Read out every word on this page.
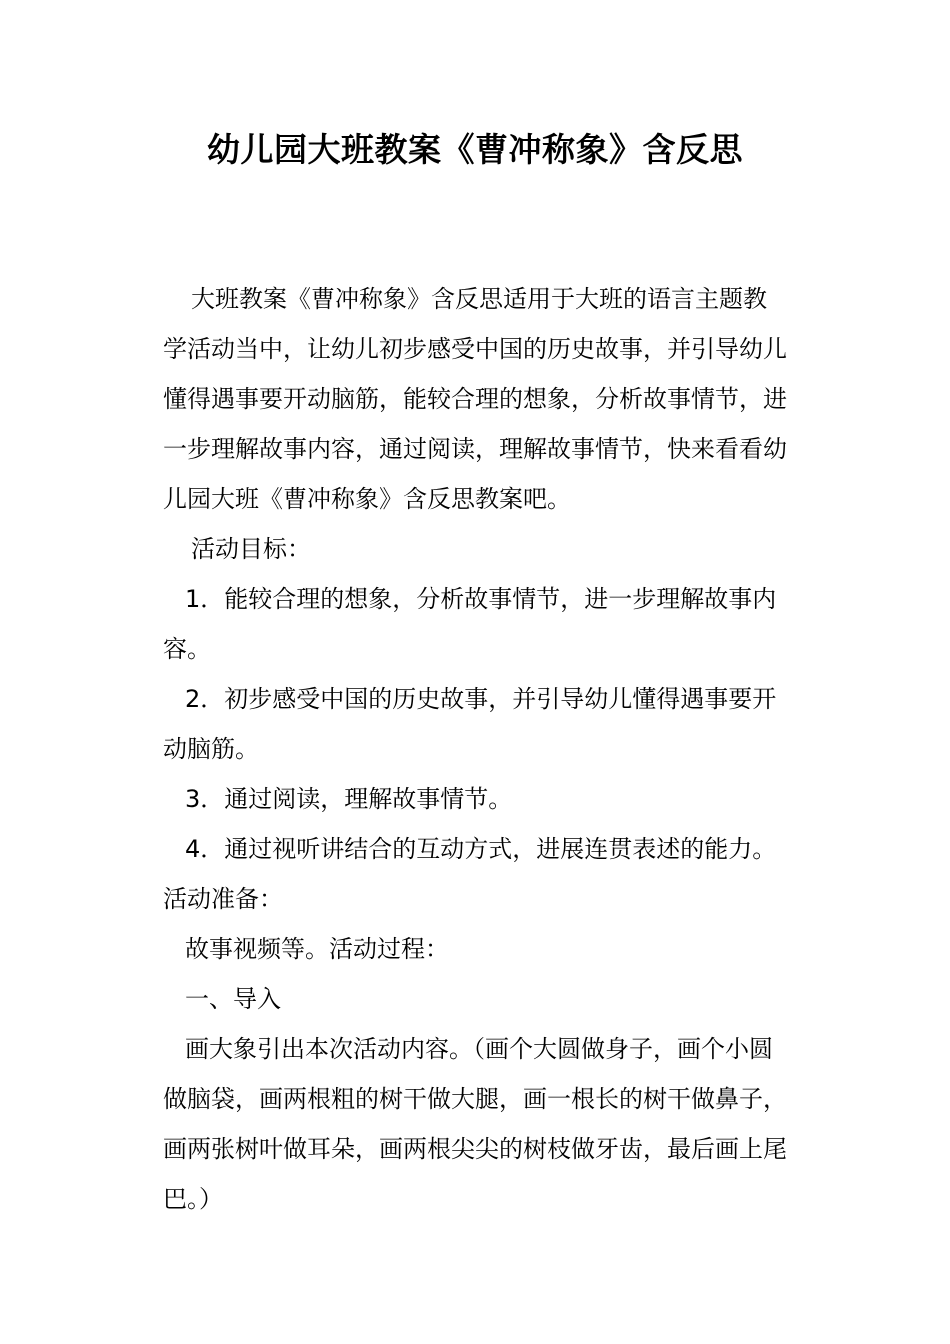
幼儿园大班教案《曹冲称象》含反思
大班教案《曹冲称象》含反思适用于大班的语言主题教
学活动当中，让幼儿初步感受中国的历史故事，并引导幼儿
懂得遇事要开动脑筋，能较合理的想象，分析故事情节，进
一步理解故事内容，通过阅读，理解故事情节，快来看看幼
儿园大班《曹冲称象》含反思教案吧。
活动目标：
1．能较合理的想象，分析故事情节，进一步理解故事内
容。
2．初步感受中国的历史故事，并引导幼儿懂得遇事要开
动脑筋。
3．通过阅读，理解故事情节。
4．通过视听讲结合的互动方式，进展连贯表述的能力。
活动准备：
故事视频等。活动过程：
一、导入
画大象引出本次活动内容。（画个大圆做身子，画个小圆
做脑袋，画两根粗的树干做大腿，画一根长的树干做鼻子，
画两张树叶做耳朵，画两根尖尖的树枝做牙齿，最后画上尾
巴。）
